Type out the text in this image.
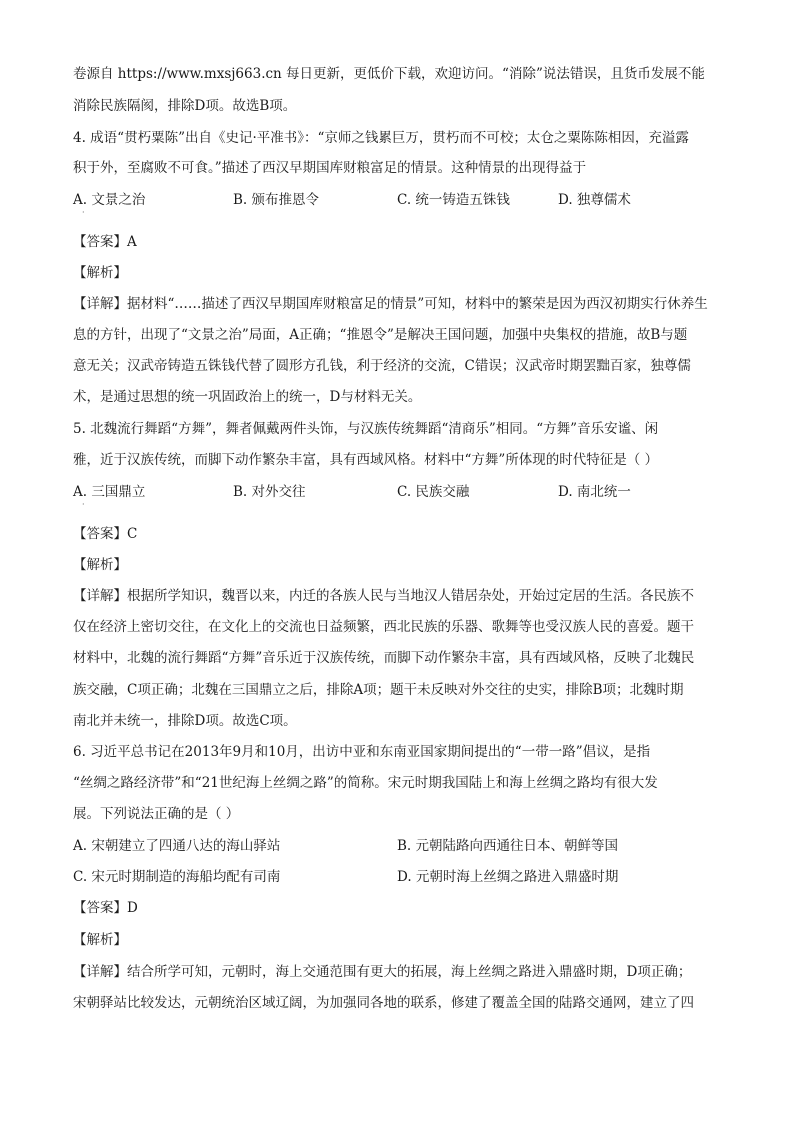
卷源自 https://www.mxsj663.cn 每日更新，更低价下载，欢迎访问。“消除”说法错误，且货币发展不能
消除民族隔阂，排除D项。故选B项。
4. 成语“贯朽粟陈”出自《史记·平准书》：“京师之钱累巨万，贯朽而不可校；太仓之粟陈陈相因，充溢露
积于外，至腐败不可食。”描述了西汉早期国库财粮富足的情景。这种情景的出现得益于
A. 文景之治	B. 颁布推恩令	C. 统一铸造五铢钱	D. 独尊儒术
·
【答案】A
【解析】
【详解】据材料“……描述了西汉早期国库财粮富足的情景”可知，材料中的繁荣是因为西汉初期实行休养生
息的方针，出现了“文景之治”局面，A正确；“推恩令”是解决王国问题，加强中央集权的措施，故B与题
意无关；汉武帝铸造五铢钱代替了圆形方孔钱，利于经济的交流，C错误；汉武帝时期罢黜百家，独尊儒
术，是通过思想的统一巩固政治上的统一，D与材料无关。
5. 北魏流行舞蹈“方舞”，舞者佩戴两件头饰，与汉族传统舞蹈“清商乐”相同。“方舞”音乐安谧、闲
雅，近于汉族传统，而脚下动作繁杂丰富，具有西域风格。材料中“方舞”所体现的时代特征是（ ）
A. 三国鼎立	B. 对外交往	C. 民族交融	D. 南北统一
·
【答案】C
【解析】
【详解】根据所学知识，魏晋以来，内迁的各族人民与当地汉人错居杂处，开始过定居的生活。各民族不
仅在经济上密切交往，在文化上的交流也日益频繁，西北民族的乐器、歌舞等也受汉族人民的喜爱。题干
材料中，北魏的流行舞蹈“方舞”音乐近于汉族传统，而脚下动作繁杂丰富，具有西域风格，反映了北魏民
族交融，C项正确；北魏在三国鼎立之后，排除A项；题干未反映对外交往的史实，排除B项；北魏时期
南北并未统一，排除D项。故选C项。
6. 习近平总书记在2013年9月和10月，出访中亚和东南亚国家期间提出的“一带一路”倡议，是指
“丝绸之路经济带”和“21世纪海上丝绸之路”的简称。宋元时期我国陆上和海上丝绸之路均有很大发
展。下列说法正确的是（ ）
A. 宋朝建立了四通八达的海山驿站	B. 元朝陆路向西通往日本、朝鲜等国
C. 宋元时期制造的海船均配有司南	D. 元朝时海上丝绸之路进入鼎盛时期
【答案】D
【解析】
【详解】结合所学可知，元朝时，海上交通范围有更大的拓展，海上丝绸之路进入鼎盛时期，D项正确；
宋朝驿站比较发达，元朝统治区域辽阔，为加强同各地的联系，修建了覆盖全国的陆路交通网，建立了四
